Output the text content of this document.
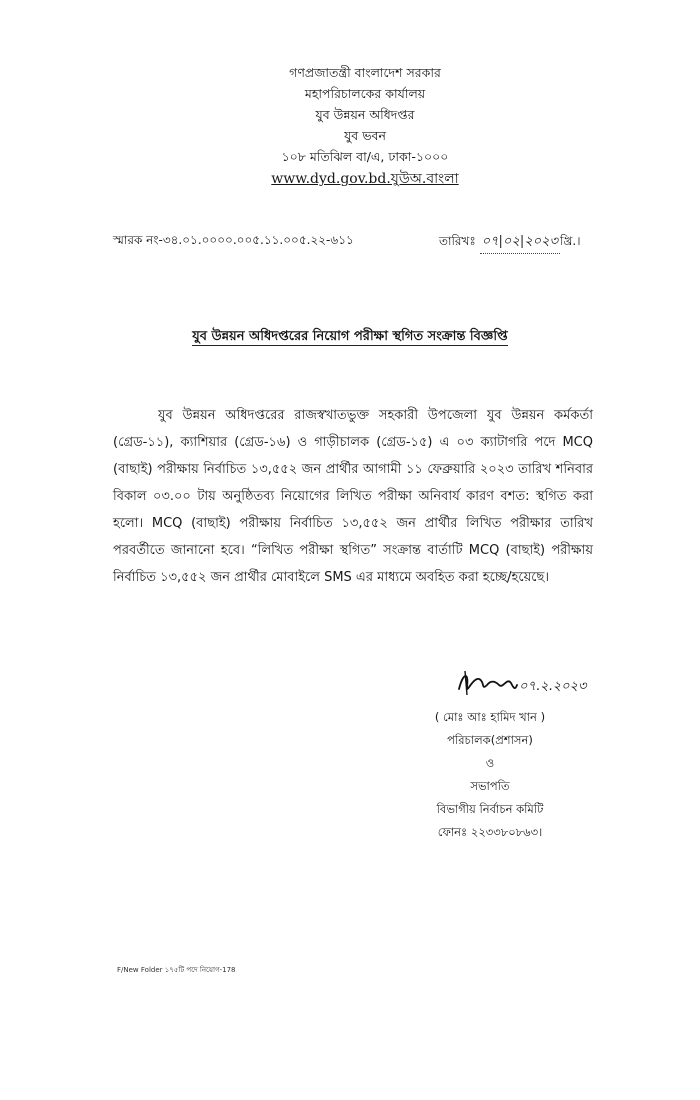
গণপ্রজাতন্ত্রী বাংলাদেশ সরকার
মহাপরিচালকের কার্যালয়
যুব উন্নয়ন অধিদপ্তর
যুব ভবন
১০৮ মতিঝিল বা/এ, ঢাকা-১০০০
www.dyd.gov.bd.যুউঅ.বাংলা
স্মারক নং-৩৪.০১.০০০০.০০৫.১১.০০৫.২২-৬১১	তারিখঃ ০৭|০২|২০২৩ খ্রি.।
যুব উন্নয়ন অধিদপ্তরের নিয়োগ পরীক্ষা স্থগিত সংক্রান্ত বিজ্ঞপ্তি
যুব উন্নয়ন অধিদপ্তরের রাজস্বখাতভুক্ত সহকারী উপজেলা যুব উন্নয়ন কর্মকর্তা (গ্রেড-১১), ক্যাশিয়ার (গ্রেড-১৬) ও গাড়ীচালক (গ্রেড-১৫) এ ০৩ ক্যাটাগরি পদে MCQ (বাছাই) পরীক্ষায় নির্বাচিত ১৩,৫৫২ জন প্রার্থীর আগামী ১১ ফেব্রুয়ারি ২০২৩ তারিখ শনিবার বিকাল ০৩.০০ টায় অনুষ্ঠিতব্য নিয়োগের লিখিত পরীক্ষা অনিবার্য কারণ বশত: স্থগিত করা হলো। MCQ (বাছাই) পরীক্ষায় নির্বাচিত ১৩,৫৫২ জন প্রার্থীর লিখিত পরীক্ষার তারিখ পরবর্তীতে জানানো হবে। “লিখিত পরীক্ষা স্থগিত” সংক্রান্ত বার্তাটি MCQ (বাছাই) পরীক্ষায় নির্বাচিত ১৩,৫৫২ জন প্রার্থীর মোবাইলে SMS এর মাধ্যমে অবহিত করা হচ্ছে/হয়েছে।
০৭.২.২০২৩
( মোঃ আঃ হামিদ খান )
পরিচালক(প্রশাসন)
ও
সভাপতি
বিভাগীয় নির্বাচন কমিটি
ফোনঃ ২২৩৩৮০৮৬৩।
F/New Folder ১৭৫টি পদে নিয়োগ-178
